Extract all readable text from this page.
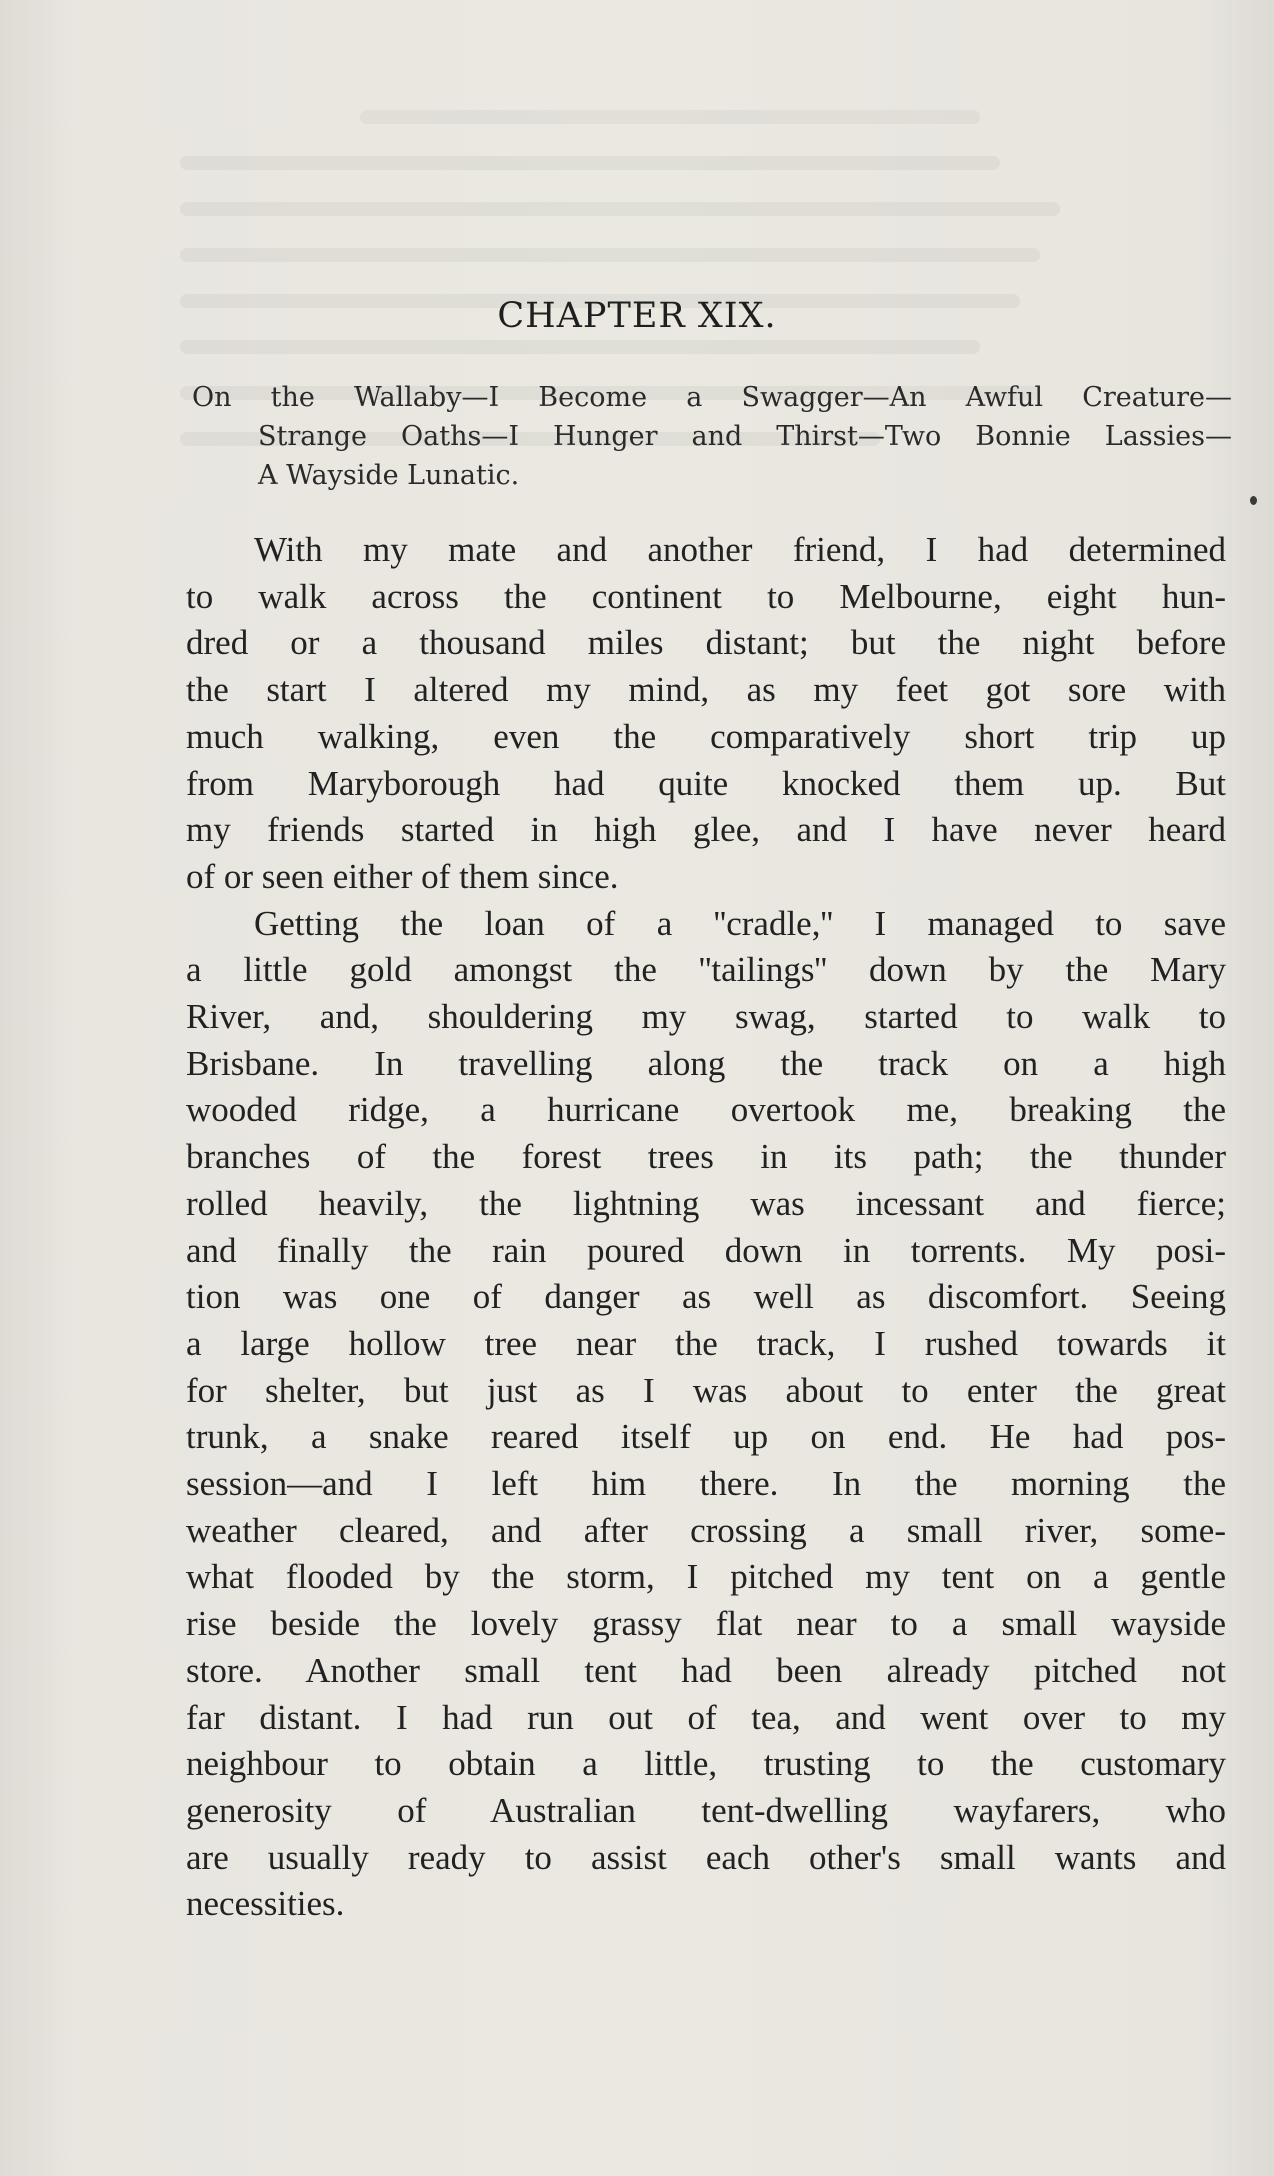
CHAPTER XIX.
On the Wallaby—I Become a Swagger—An Awful Creature—
Strange Oaths—I Hunger and Thirst—Two Bonnie Lassies—
A Wayside Lunatic.
With my mate and another friend, I had determined
to walk across the continent to Melbourne, eight hun-
dred or a thousand miles distant; but the night before
the start I altered my mind, as my feet got sore with
much walking, even the comparatively short trip up
from Maryborough had quite knocked them up. But
my friends started in high glee, and I have never heard
of or seen either of them since.
Getting the loan of a ''cradle,'' I managed to save
a little gold amongst the ''tailings'' down by the Mary
River, and, shouldering my swag, started to walk to
Brisbane. In travelling along the track on a high
wooded ridge, a hurricane overtook me, breaking the
branches of the forest trees in its path; the thunder
rolled heavily, the lightning was incessant and fierce;
and finally the rain poured down in torrents. My posi-
tion was one of danger as well as discomfort. Seeing
a large hollow tree near the track, I rushed towards it
for shelter, but just as I was about to enter the great
trunk, a snake reared itself up on end. He had pos-
session—and I left him there. In the morning the
weather cleared, and after crossing a small river, some-
what flooded by the storm, I pitched my tent on a gentle
rise beside the lovely grassy flat near to a small wayside
store. Another small tent had been already pitched not
far distant. I had run out of tea, and went over to my
neighbour to obtain a little, trusting to the customary
generosity of Australian tent-dwelling wayfarers, who
are usually ready to assist each other's small wants and
necessities.
